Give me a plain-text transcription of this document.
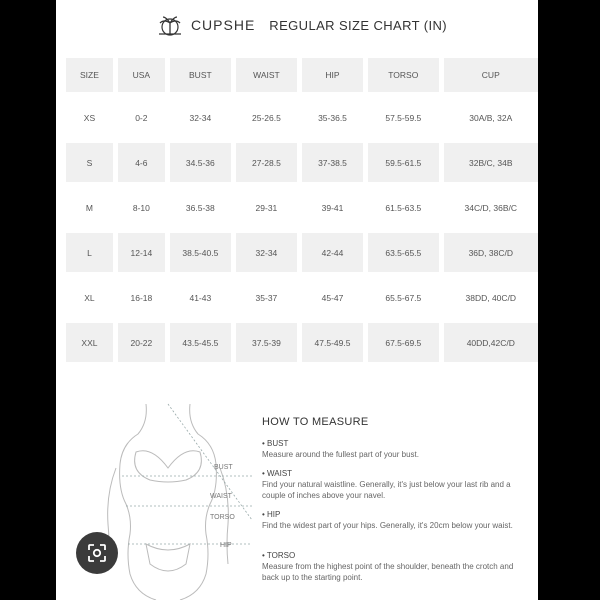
CUPSHE REGULAR SIZE CHART (IN)
SIZE	USA	BUST	WAIST	HIP	TORSO	CUP
XS	0-2	32-34	25-26.5	35-36.5	57.5-59.5	30A/B, 32A
S	4-6	34.5-36	27-28.5	37-38.5	59.5-61.5	32B/C, 34B
M	8-10	36.5-38	29-31	39-41	61.5-63.5	34C/D, 36B/C
L	12-14	38.5-40.5	32-34	42-44	63.5-65.5	36D, 38C/D
XL	16-18	41-43	35-37	45-47	65.5-67.5	38DD, 40C/D
XXL	20-22	43.5-45.5	37.5-39	47.5-49.5	67.5-69.5	40DD,42C/D
BUST
WAIST
TORSO
HIP
HOW TO MEASURE
• BUST
Measure around the fullest part of your bust.
• WAIST
Find your natural waistline. Generally, it's just below your last rib and a couple of inches above your navel.
• HIP
Find the widest part of your hips. Generally, it's 20cm below your waist.
• TORSO
Measure from the highest point of the shoulder, beneath the crotch and back up to the starting point.
